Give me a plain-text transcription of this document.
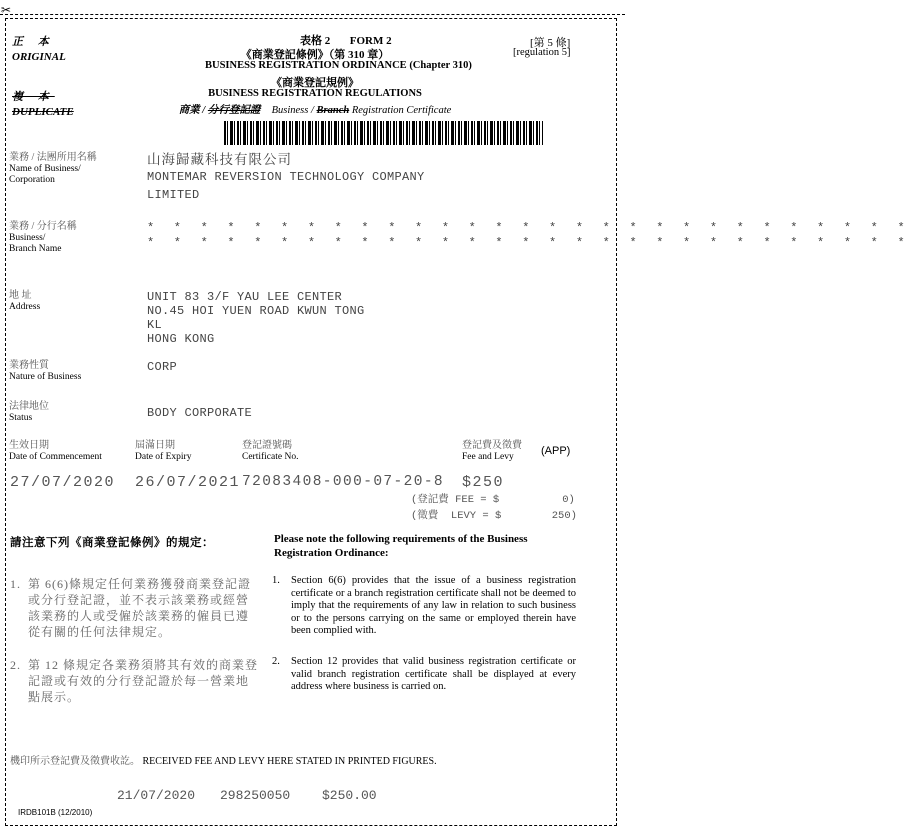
✂
正 本
ORIGINAL
複 本
DUPLICATE
表格 2 FORM 2	[第 5 條]
[regulation 5]
《商業登記條例》（第 310 章）
BUSINESS REGISTRATION ORDINANCE (Chapter 310)
《商業登記規例》
BUSINESS REGISTRATION REGULATIONS
商業 / 分行登記證 Business / Branch Registration Certificate
業務 / 法團所用名稱
Name of Business/
Corporation
山海歸藏科技有限公司
MONTEMAR REVERSION TECHNOLOGY COMPANY
LIMITED
業務 / 分行名稱
Business/
Branch Name
* * * * * * * * * * * * * * * * * * * * * * * * * * * * *
* * * * * * * * * * * * * * * * * * * * * * * * * * * * *
地 址
Address
UNIT 83 3/F YAU LEE CENTER
NO.45 HOI YUEN ROAD KWUN TONG
KL
HONG KONG
業務性質
Nature of Business
CORP
法律地位
Status	BODY CORPORATE
生效日期
Date of Commencement
27/07/2020
屆滿日期
Date of Expiry
26/07/2021
登記證號碼
Certificate No.
72083408-000-07-20-8
登記費及徵費
Fee and Levy	(APP)
$250
(登記費 FEE = $          0)
(徵費  LEVY = $        250)
請注意下列《商業登記條例》的規定：	Please note the following requirements of the Business Registration Ordinance:
1. 第 6(6)條規定任何業務獲發商業登記證或分行登記證，並不表示該業務或經營該業務的人或受僱於該業務的僱員已遵從有關的任何法律規定。
1. Section 6(6) provides that the issue of a business registration certificate or a branch registration certificate shall not be deemed to imply that the requirements of any law in relation to such business or to the persons carrying on the same or employed therein have been complied with.
2. 第 12 條規定各業務須將其有效的商業登記證或有效的分行登記證於每一營業地點展示。
2. Section 12 provides that valid business registration certificate or valid branch registration certificate shall be displayed at every address where business is carried on.
機印所示登記費及徵費收訖。 RECEIVED FEE AND LEVY HERE STATED IN PRINTED FIGURES.
21/07/2020 298250050 $250.00
IRDB101B (12/2010)
